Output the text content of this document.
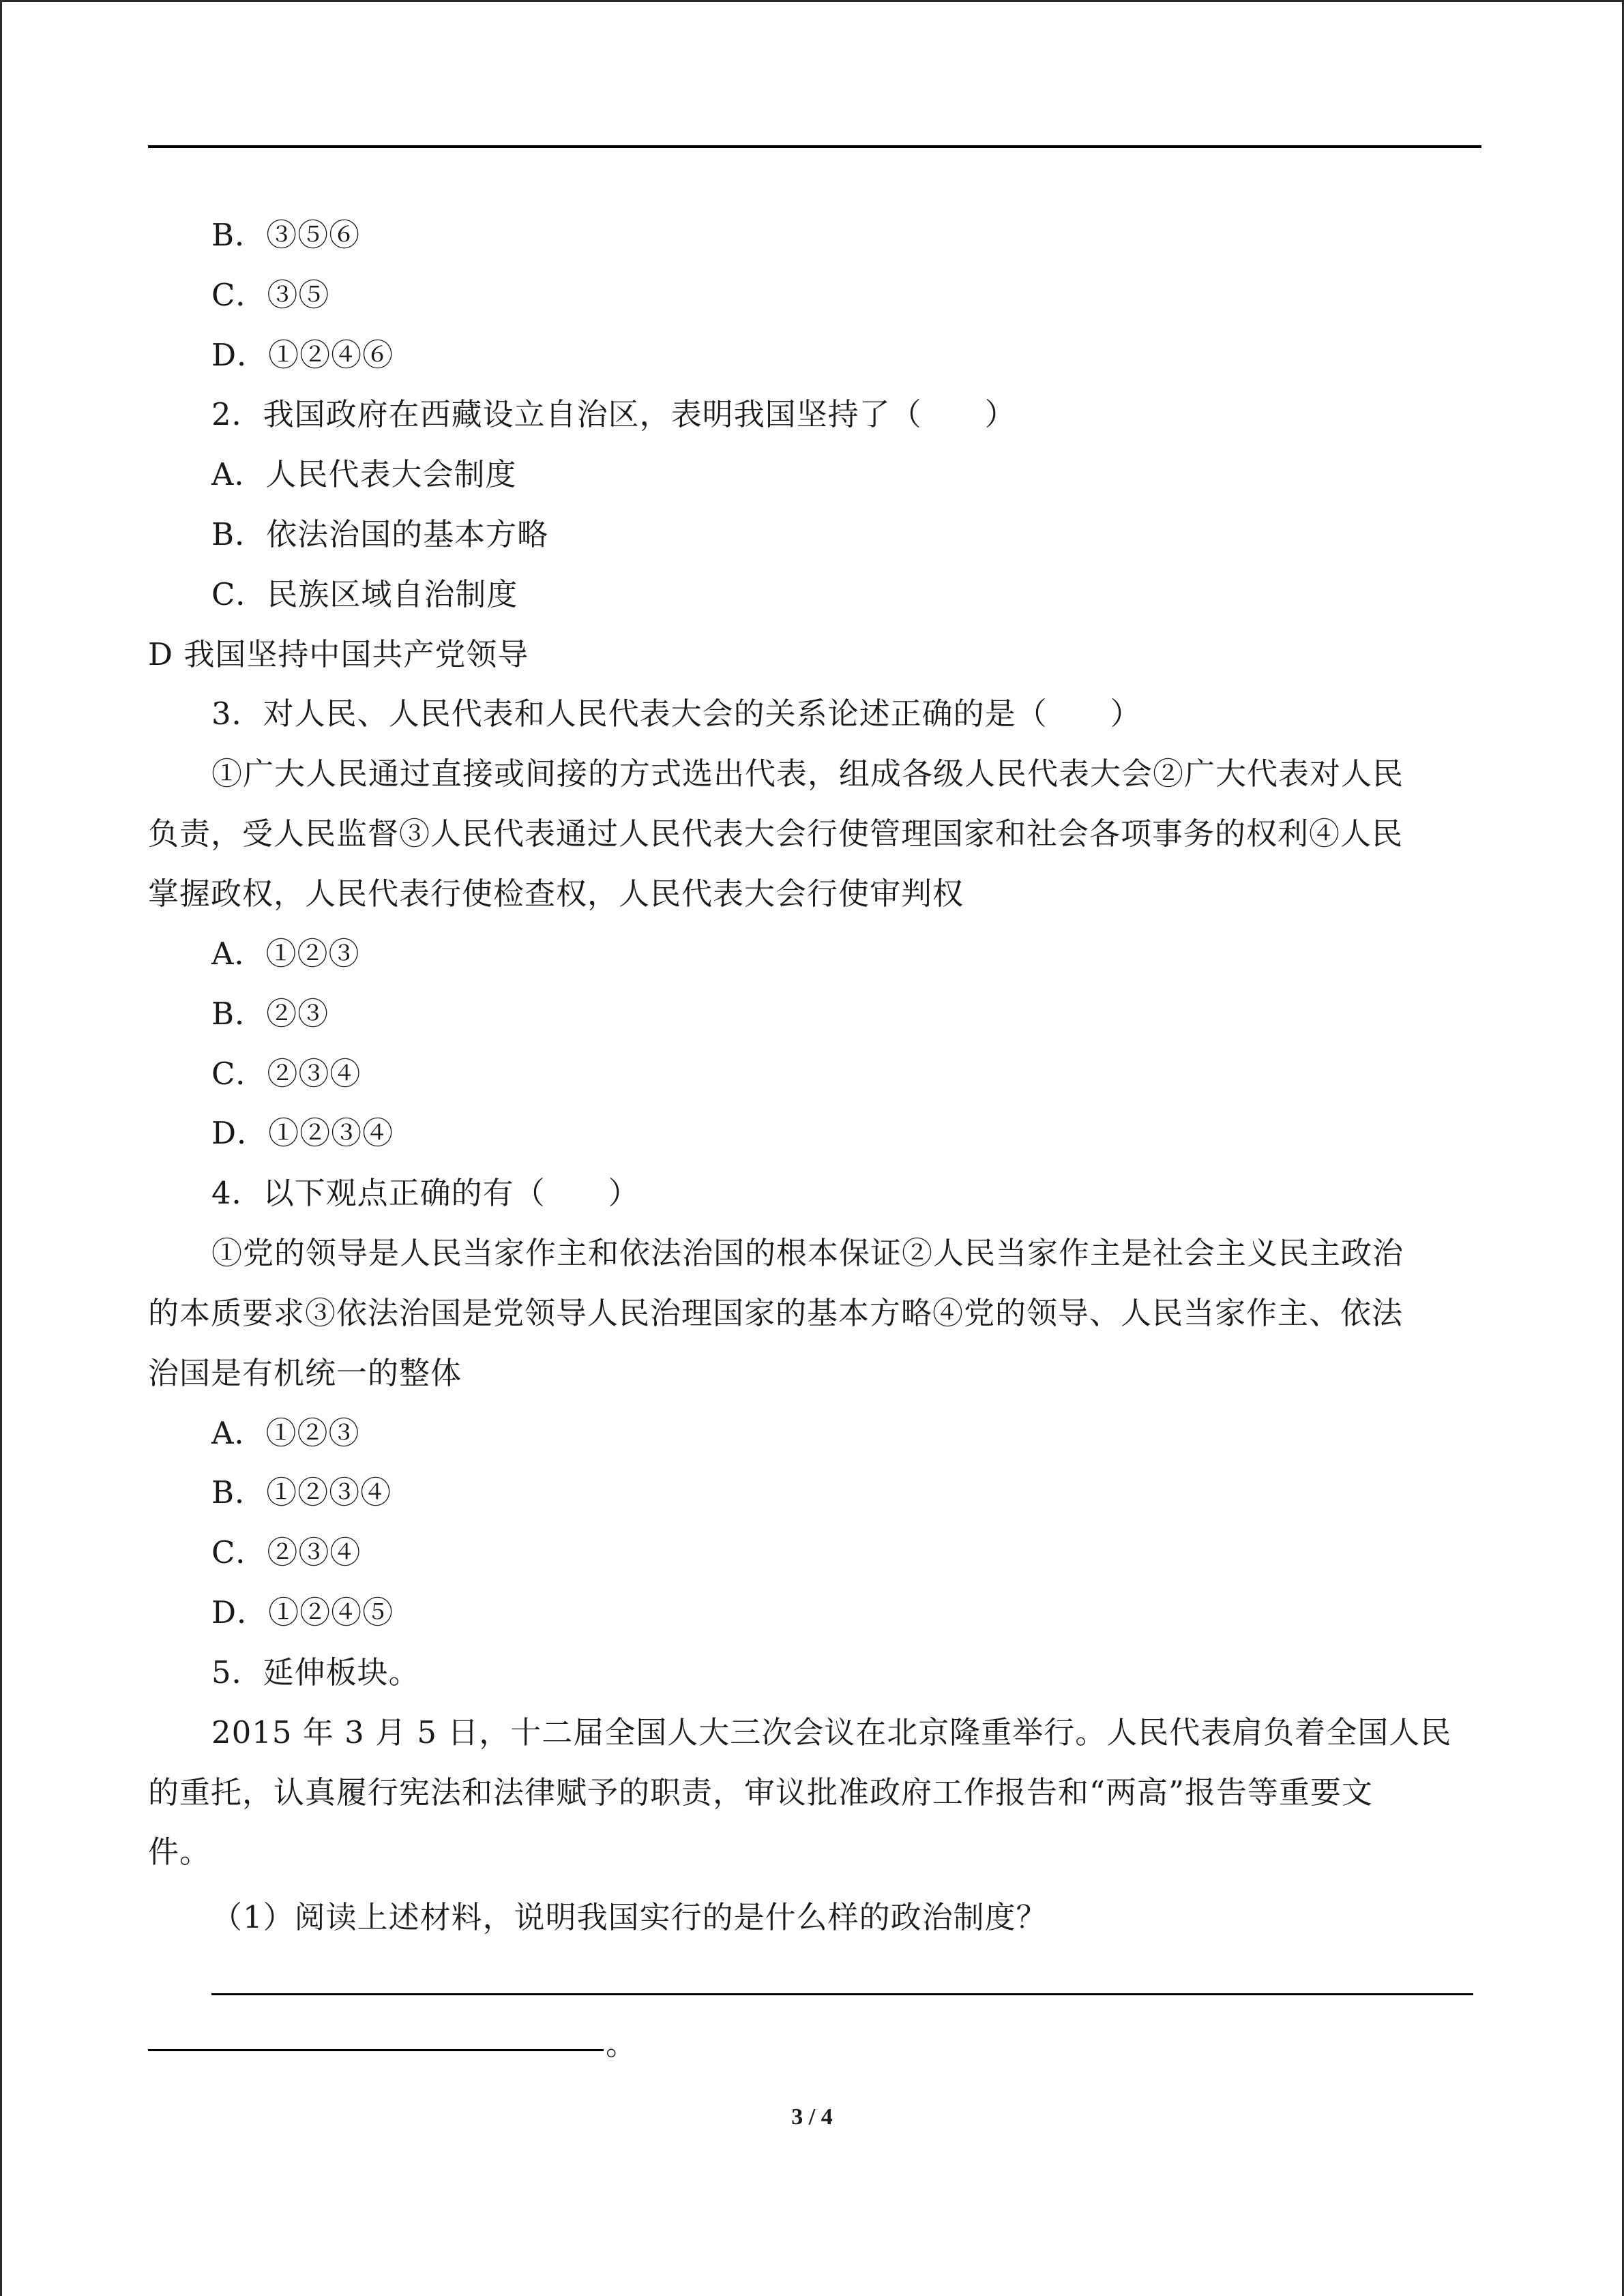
B．③⑤⑥
C．③⑤
D．①②④⑥
2．我国政府在西藏设立自治区，表明我国坚持了（　　）
A．人民代表大会制度
B．依法治国的基本方略
C．民族区域自治制度
D 我国坚持中国共产党领导
3．对人民、人民代表和人民代表大会的关系论述正确的是（　　）
①广大人民通过直接或间接的方式选出代表，组成各级人民代表大会②广大代表对人民
负责，受人民监督③人民代表通过人民代表大会行使管理国家和社会各项事务的权利④人民
掌握政权，人民代表行使检查权，人民代表大会行使审判权
A．①②③
B．②③
C．②③④
D．①②③④
4．以下观点正确的有（　　）
①党的领导是人民当家作主和依法治国的根本保证②人民当家作主是社会主义民主政治
的本质要求③依法治国是党领导人民治理国家的基本方略④党的领导、人民当家作主、依法
治国是有机统一的整体
A．①②③
B．①②③④
C．②③④
D．①②④⑤
5．延伸板块。
2015 年 3 月 5 日，十二届全国人大三次会议在北京隆重举行。人民代表肩负着全国人民
的重托，认真履行宪法和法律赋予的职责，审议批准政府工作报告和“两高”报告等重要文
件。
（1）阅读上述材料，说明我国实行的是什么样的政治制度？
。
3 / 4
